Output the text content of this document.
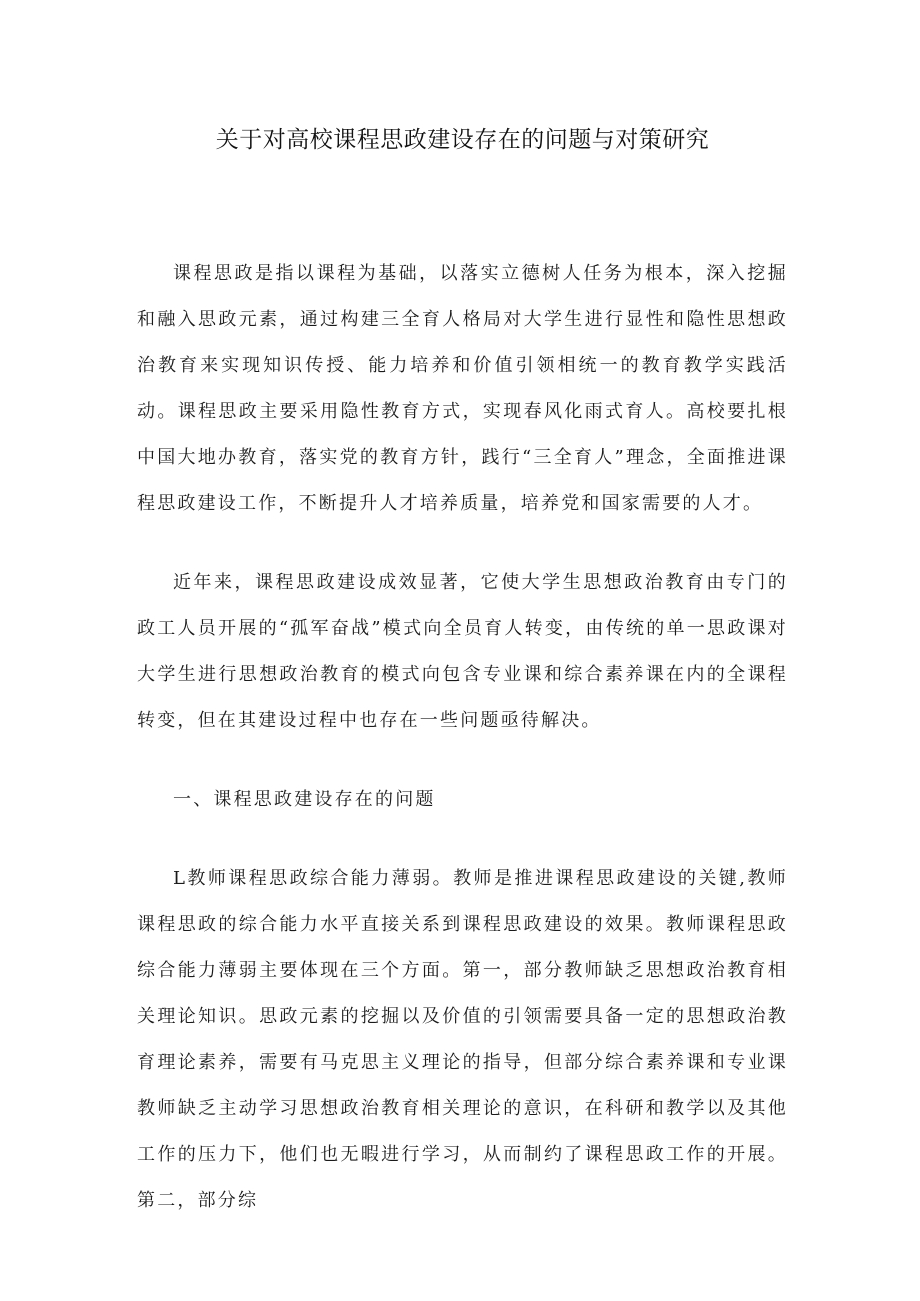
关于对高校课程思政建设存在的问题与对策研究

课程思政是指以课程为基础，以落实立德树人任务为根本，深入挖掘和融入思政元素，通过构建三全育人格局对大学生进行显性和隐性思想政治教育来实现知识传授、能力培养和价值引领相统一的教育教学实践活动。课程思政主要采用隐性教育方式，实现春风化雨式育人。高校要扎根中国大地办教育，落实党的教育方针，践行“三全育人”理念，全面推进课程思政建设工作，不断提升人才培养质量，培养党和国家需要的人才。

近年来，课程思政建设成效显著，它使大学生思想政治教育由专门的政工人员开展的“孤军奋战”模式向全员育人转变，由传统的单一思政课对大学生进行思想政治教育的模式向包含专业课和综合素养课在内的全课程转变，但在其建设过程中也存在一些问题亟待解决。

一、课程思政建设存在的问题

L教师课程思政综合能力薄弱。教师是推进课程思政建设的关键,教师课程思政的综合能力水平直接关系到课程思政建设的效果。教师课程思政综合能力薄弱主要体现在三个方面。第一，部分教师缺乏思想政治教育相关理论知识。思政元素的挖掘以及价值的引领需要具备一定的思想政治教育理论素养，需要有马克思主义理论的指导，但部分综合素养课和专业课教师缺乏主动学习思想政治教育相关理论的意识，在科研和教学以及其他工作的压力下，他们也无暇进行学习，从而制约了课程思政工作的开展。第二，部分综
